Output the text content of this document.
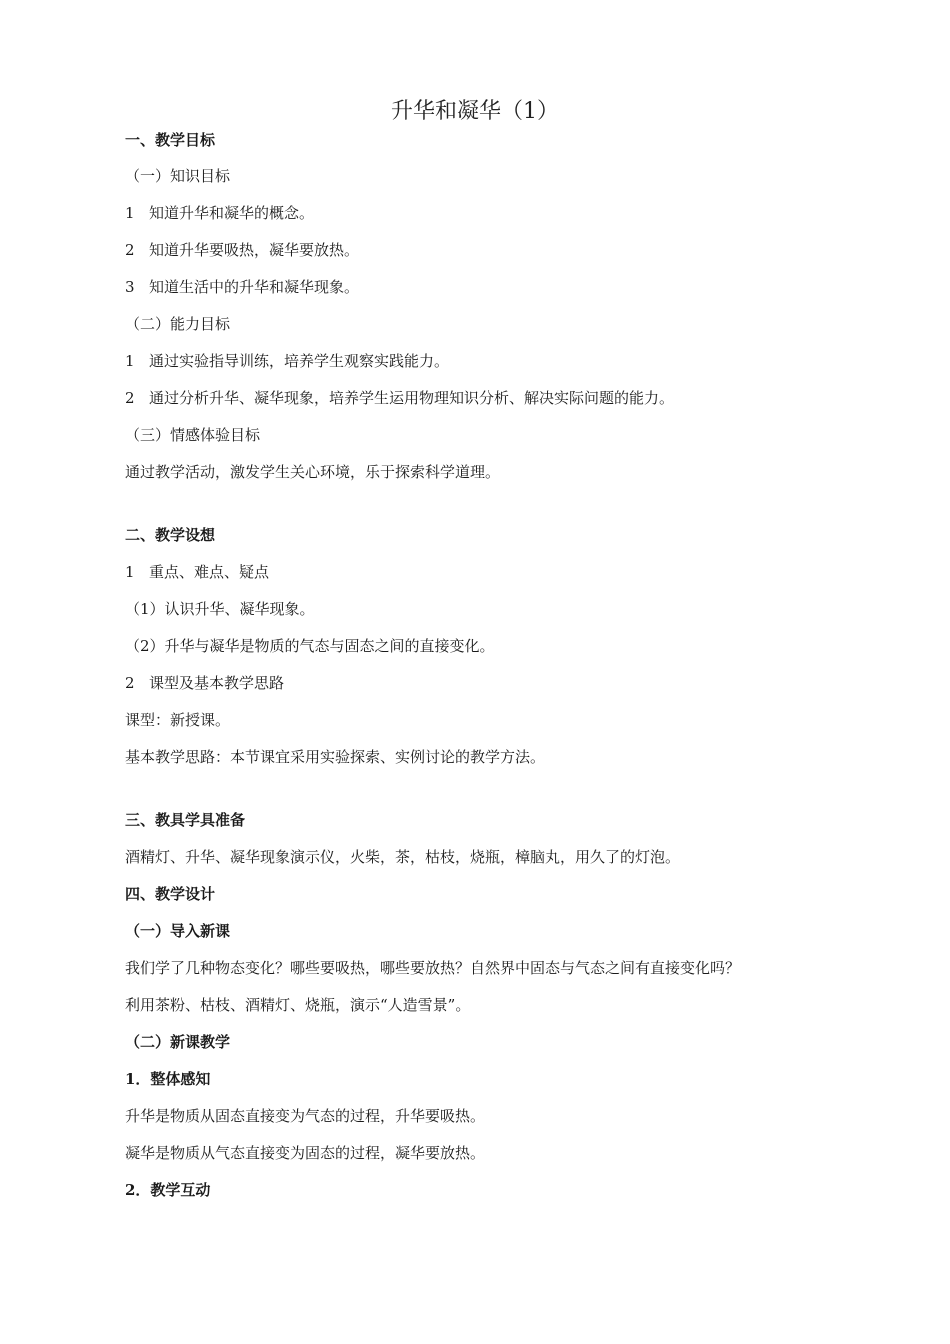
升华和凝华（1）
一、教学目标
（一）知识目标
1 知道升华和凝华的概念。
2 知道升华要吸热，凝华要放热。
3 知道生活中的升华和凝华现象。
（二）能力目标
1 通过实验指导训练，培养学生观察实践能力。
2 通过分析升华、凝华现象，培养学生运用物理知识分析、解决实际问题的能力。
（三）情感体验目标
通过教学活动，激发学生关心环境，乐于探索科学道理。
二、教学设想
1 重点、难点、疑点
（1）认识升华、凝华现象。
（2）升华与凝华是物质的气态与固态之间的直接变化。
2 课型及基本教学思路
课型：新授课。
基本教学思路：本节课宜采用实验探索、实例讨论的教学方法。
三、教具学具准备
酒精灯、升华、凝华现象演示仪，火柴，茶，枯枝，烧瓶，樟脑丸，用久了的灯泡。
四、教学设计
（一）导入新课
我们学了几种物态变化？哪些要吸热，哪些要放热？自然界中固态与气态之间有直接变化吗？
利用茶粉、枯枝、酒精灯、烧瓶，演示“人造雪景”。
（二）新课教学
1．整体感知
升华是物质从固态直接变为气态的过程，升华要吸热。
凝华是物质从气态直接变为固态的过程，凝华要放热。
2．教学互动
